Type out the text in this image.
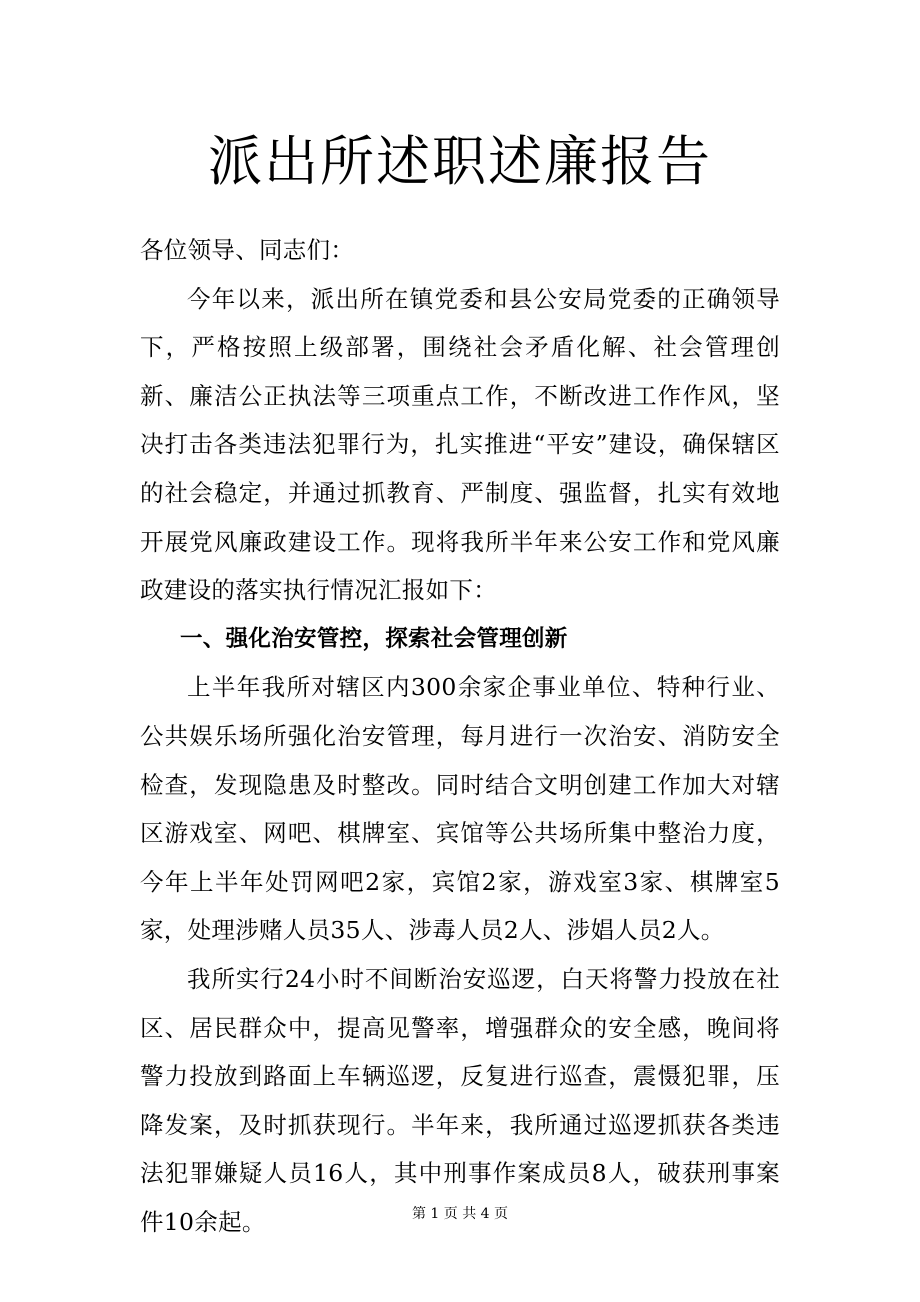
派出所述职述廉报告

各位领导、同志们：

今年以来，派出所在镇党委和县公安局党委的正确领导下，严格按照上级部署，围绕社会矛盾化解、社会管理创新、廉洁公正执法等三项重点工作，不断改进工作作风，坚决打击各类违法犯罪行为，扎实推进“平安”建设，确保辖区的社会稳定，并通过抓教育、严制度、强监督，扎实有效地开展党风廉政建设工作。现将我所半年来公安工作和党风廉政建设的落实执行情况汇报如下：

一、强化治安管控，探索社会管理创新

上半年我所对辖区内300余家企事业单位、特种行业、公共娱乐场所强化治安管理，每月进行一次治安、消防安全检查，发现隐患及时整改。同时结合文明创建工作加大对辖区游戏室、网吧、棋牌室、宾馆等公共场所集中整治力度，今年上半年处罚网吧2家，宾馆2家，游戏室3家、棋牌室5家，处理涉赌人员35人、涉毒人员2人、涉娼人员2人。

我所实行24小时不间断治安巡逻，白天将警力投放在社区、居民群众中，提高见警率，增强群众的安全感，晚间将警力投放到路面上车辆巡逻，反复进行巡查，震慑犯罪，压降发案，及时抓获现行。半年来，我所通过巡逻抓获各类违法犯罪嫌疑人员16人，其中刑事作案成员8人，破获刑事案件10余起。	第 1 页 共 4 页
